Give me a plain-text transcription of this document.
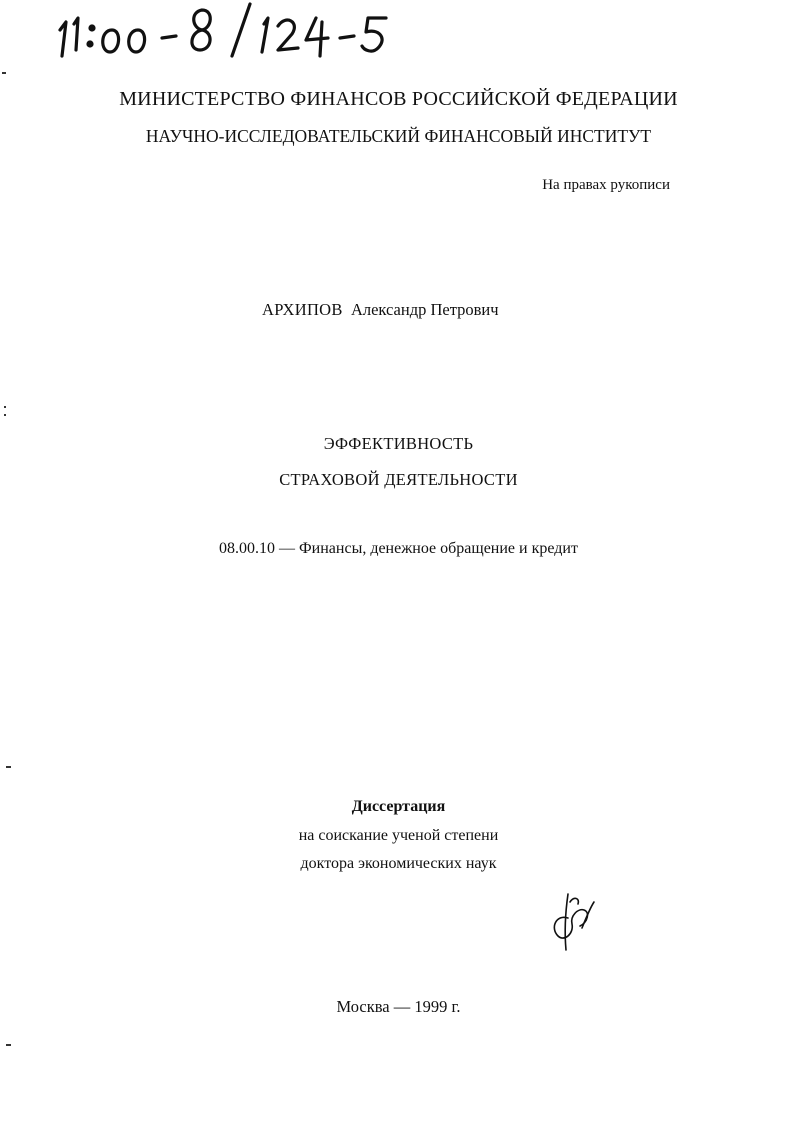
МИНИСТЕРСТВО ФИНАНСОВ РОССИЙСКОЙ ФЕДЕРАЦИИ
НАУЧНО-ИССЛЕДОВАТЕЛЬСКИЙ ФИНАНСОВЫЙ ИНСТИТУТ
На правах рукописи
АРХИПОВ Александр Петрович
ЭФФЕКТИВНОСТЬ
СТРАХОВОЙ ДЕЯТЕЛЬНОСТИ
08.00.10 — Финансы, денежное обращение и кредит
Диссертация
на соискание ученой степени
доктора экономических наук
Москва — 1999 г.
